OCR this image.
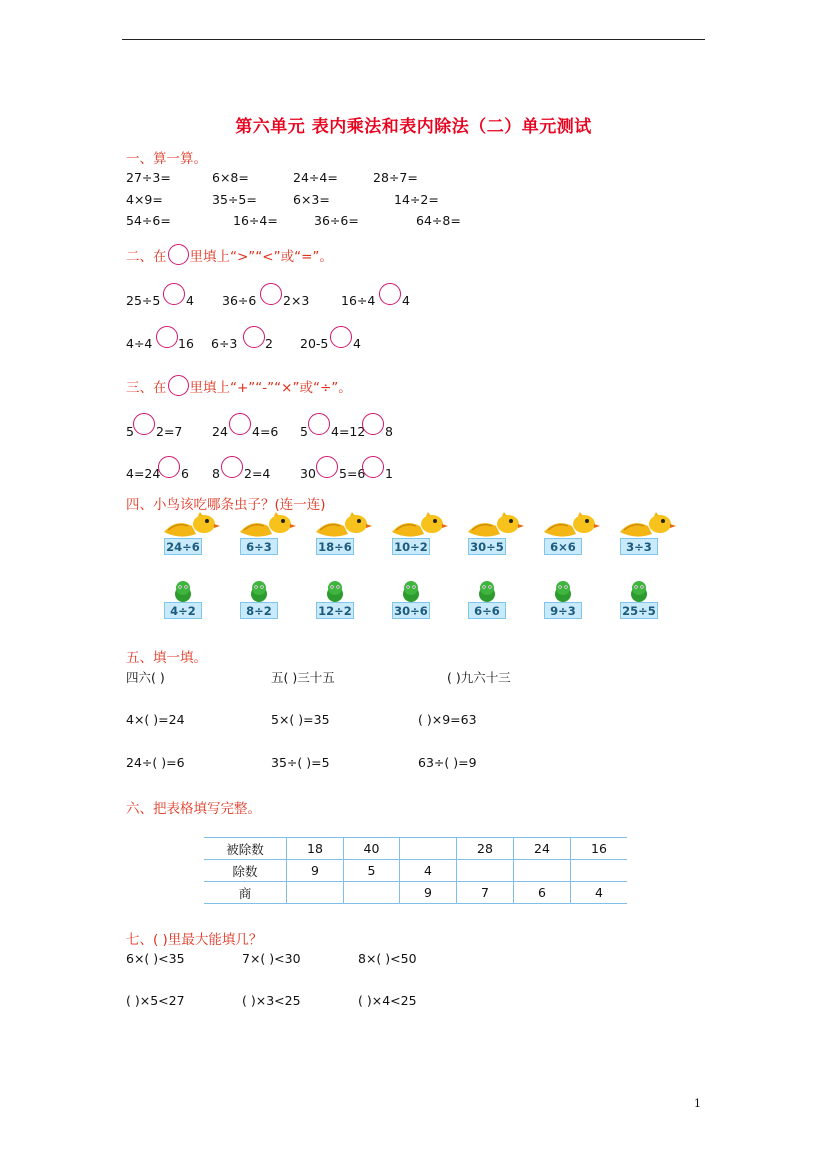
第六单元 表内乘法和表内除法（二）单元测试
一、算一算。
27÷3=	6×8=	24÷4=	28÷7=
4×9=	35÷5=	6×3=	14÷2=
54÷6=	16÷4=	36÷6=	64÷8=
二、在 里填上“>”“<”或“=”。
25÷5 4 36÷6 2×3	16÷4 4
4÷4 16 6÷3 2 20-5 4
三、在 里填上“+”“-”“×”或“÷”。
5 2=7 24 4=6 5 4=12 8
4=24 6 8 2=4 30 5=6 1
四、小鸟该吃哪条虫子？(连一连)
24÷6	6÷3	18÷6	10÷2	30÷5	6×6	3÷3
4÷2	8÷2	12÷2	30÷6	6÷6	9÷3	25÷5
五、填一填。
四六( )	五( )三十五	( )九六十三
4×( )=24	5×( )=35	( )×9=63
24÷( )=6	35÷( )=5	63÷( )=9
六、把表格填写完整。
被除数	18	40		28	24	16
除数	9	5	4			
商			9	7	6	4
七、( )里最大能填几？
6×( )<35	7×( )<30	8×( )<50
( )×5<27	( )×3<25	( )×4<25
1
